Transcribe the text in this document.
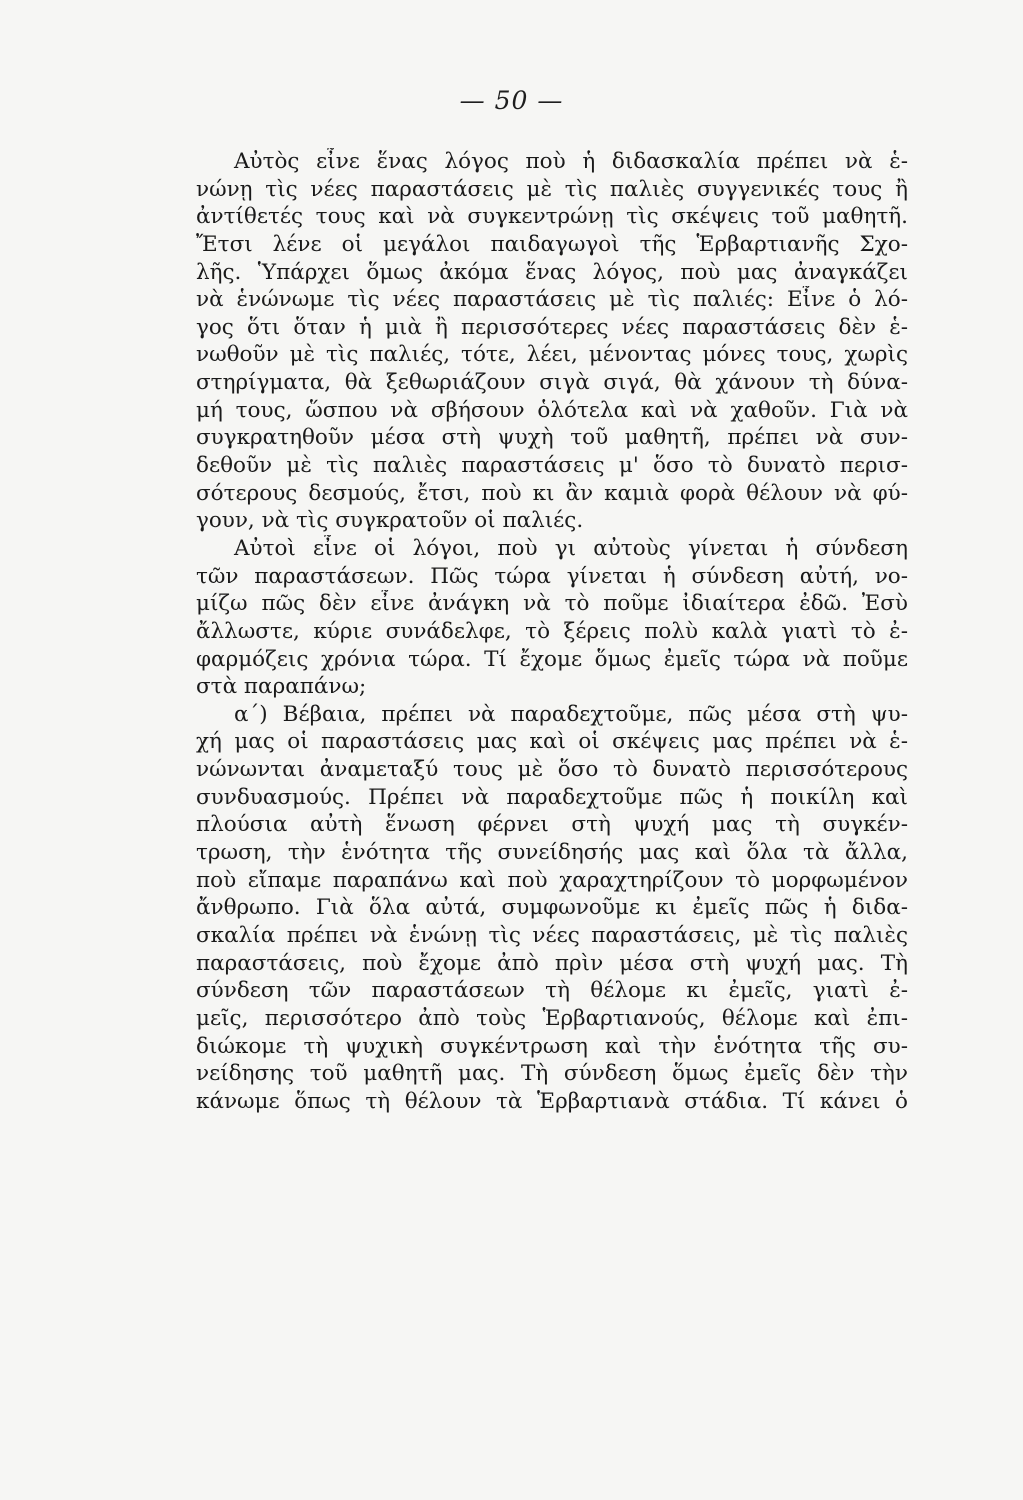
— 50 —
Αὐτὸς εἶνε ἕνας λόγος ποὺ ἡ διδασκαλία πρέπει νὰ ἑ-
νώνῃ τὶς νέες παραστάσεις μὲ τὶς παλιὲς συγγενικές τους ἢ
ἀντίθετές τους καὶ νὰ συγκεντρώνῃ τὶς σκέψεις τοῦ μαθητῆ.
Ἔτσι λένε οἱ μεγάλοι παιδαγωγοὶ τῆς Ἑρβαρτιανῆς Σχο-
λῆς. Ὑπάρχει ὅμως ἀκόμα ἕνας λόγος, ποὺ μας ἀναγκάζει
νὰ ἑνώνωμε τὶς νέες παραστάσεις μὲ τὶς παλιές: Εἶνε ὁ λό-
γος ὅτι ὅταν ἡ μιὰ ἢ περισσότερες νέες παραστάσεις δὲν ἑ-
νωθοῦν μὲ τὶς παλιές, τότε, λέει, μένοντας μόνες τους, χωρὶς
στηρίγματα, θὰ ξεθωριάζουν σιγὰ σιγά, θὰ χάνουν τὴ δύνα-
μή τους, ὥσπου νὰ σβήσουν ὁλότελα καὶ νὰ χαθοῦν. Γιὰ νὰ
συγκρατηθοῦν μέσα στὴ ψυχὴ τοῦ μαθητῆ, πρέπει νὰ συν-
δεθοῦν μὲ τὶς παλιὲς παραστάσεις μ' ὅσο τὸ δυνατὸ περισ-
σότερους δεσμούς, ἔτσι, ποὺ κι ἂν καμιὰ φορὰ θέλουν νὰ φύ-
γουν, νὰ τὶς συγκρατοῦν οἱ παλιές.
Αὐτοὶ εἶνε οἱ λόγοι, ποὺ γι αὐτοὺς γίνεται ἡ σύνδεση
τῶν παραστάσεων. Πῶς τώρα γίνεται ἡ σύνδεση αὐτή, νο-
μίζω πῶς δὲν εἶνε ἀνάγκη νὰ τὸ ποῦμε ἰδιαίτερα ἐδῶ. Ἐσὺ
ἄλλωστε, κύριε συνάδελφε, τὸ ξέρεις πολὺ καλὰ γιατὶ τὸ ἐ-
φαρμόζεις χρόνια τώρα. Τί ἔχομε ὅμως ἐμεῖς τώρα νὰ ποῦμε
στὰ παραπάνω;
α΄) Βέβαια, πρέπει νὰ παραδεχτοῦμε, πῶς μέσα στὴ ψυ-
χή μας οἱ παραστάσεις μας καὶ οἱ σκέψεις μας πρέπει νὰ ἑ-
νώνωνται ἀναμεταξύ τους μὲ ὅσο τὸ δυνατὸ περισσότερους
συνδυασμούς. Πρέπει νὰ παραδεχτοῦμε πῶς ἡ ποικίλη καὶ
πλούσια αὐτὴ ἕνωση φέρνει στὴ ψυχή μας τὴ συγκέν-
τρωση, τὴν ἑνότητα τῆς συνείδησής μας καὶ ὅλα τὰ ἄλλα,
ποὺ εἴπαμε παραπάνω καὶ ποὺ χαραχτηρίζουν τὸ μορφωμένον
ἄνθρωπο. Γιὰ ὅλα αὐτά, συμφωνοῦμε κι ἐμεῖς πῶς ἡ διδα-
σκαλία πρέπει νὰ ἑνώνῃ τὶς νέες παραστάσεις, μὲ τὶς παλιὲς
παραστάσεις, ποὺ ἔχομε ἀπὸ πρὶν μέσα στὴ ψυχή μας. Τὴ
σύνδεση τῶν παραστάσεων τὴ θέλομε κι ἐμεῖς, γιατὶ ἐ-
μεῖς, περισσότερο ἀπὸ τοὺς Ἑρβαρτιανούς, θέλομε καὶ ἐπι-
διώκομε τὴ ψυχικὴ συγκέντρωση καὶ τὴν ἑνότητα τῆς συ-
νείδησης τοῦ μαθητῆ μας. Τὴ σύνδεση ὅμως ἐμεῖς δὲν τὴν
κάνωμε ὅπως τὴ θέλουν τὰ Ἑρβαρτιανὰ στάδια. Τί κάνει ὁ
